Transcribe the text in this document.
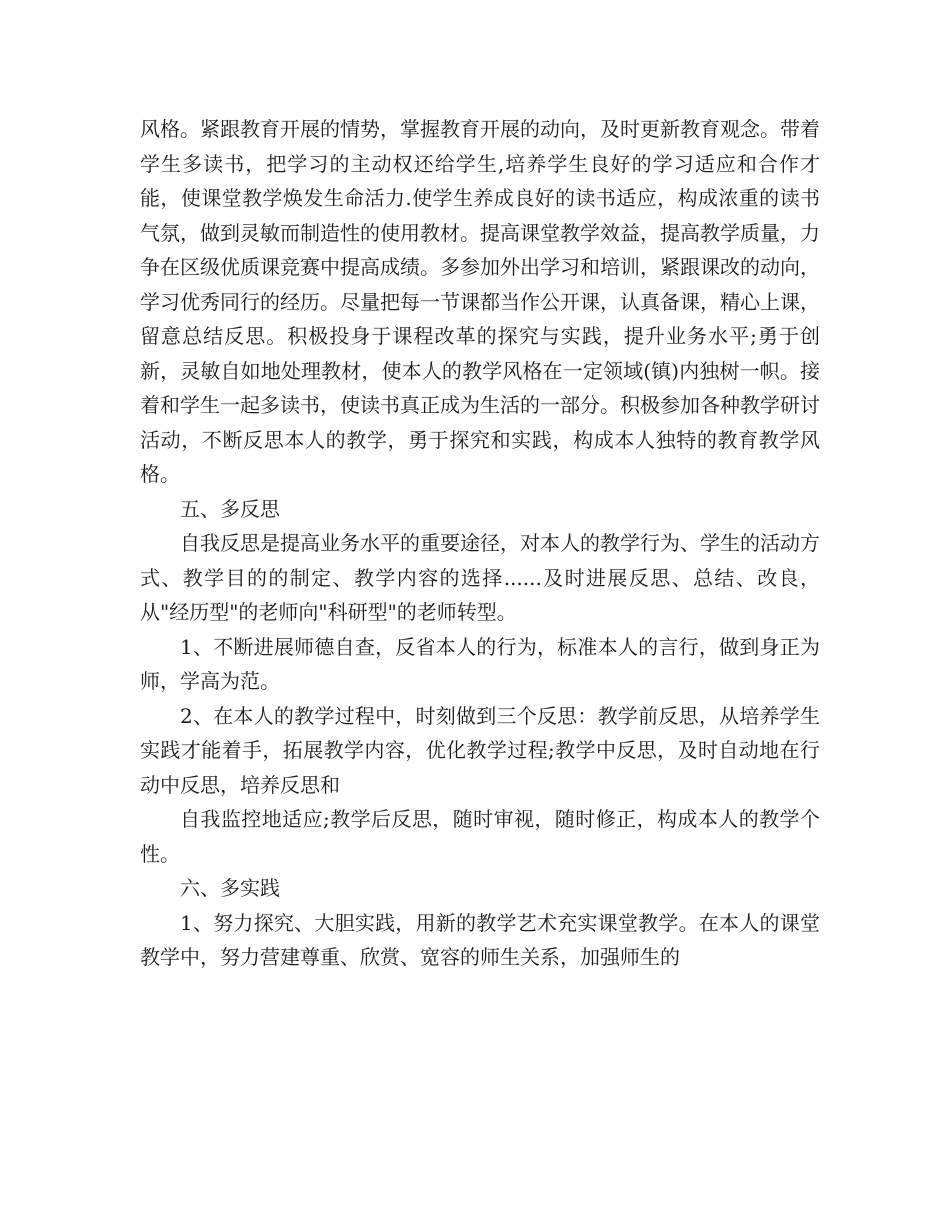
风格。紧跟教育开展的情势，掌握教育开展的动向，及时更新教育观念。带着学生多读书，把学习的主动权还给学生,培养学生良好的学习适应和合作才能，使课堂教学焕发生命活力.使学生养成良好的读书适应，构成浓重的读书气氛，做到灵敏而制造性的使用教材。提高课堂教学效益，提高教学质量，力争在区级优质课竞赛中提高成绩。多参加外出学习和培训，紧跟课改的动向，学习优秀同行的经历。尽量把每一节课都当作公开课，认真备课，精心上课，留意总结反思。积极投身于课程改革的探究与实践，提升业务水平;勇于创新，灵敏自如地处理教材，使本人的教学风格在一定领域(镇)内独树一帜。接着和学生一起多读书，使读书真正成为生活的一部分。积极参加各种教学研讨活动，不断反思本人的教学，勇于探究和实践，构成本人独特的教育教学风格。

五、多反思

自我反思是提高业务水平的重要途径，对本人的教学行为、学生的活动方式、教学目的的制定、教学内容的选择......及时进展反思、总结、改良，从"经历型"的老师向"科研型"的老师转型。

1、不断进展师德自查，反省本人的行为，标准本人的言行，做到身正为师，学高为范。

2、在本人的教学过程中，时刻做到三个反思：教学前反思，从培养学生实践才能着手，拓展教学内容，优化教学过程;教学中反思，及时自动地在行动中反思，培养反思和

自我监控地适应;教学后反思，随时审视，随时修正，构成本人的教学个性。

六、多实践

1、努力探究、大胆实践，用新的教学艺术充实课堂教学。在本人的课堂教学中，努力营建尊重、欣赏、宽容的师生关系，加强师生的
